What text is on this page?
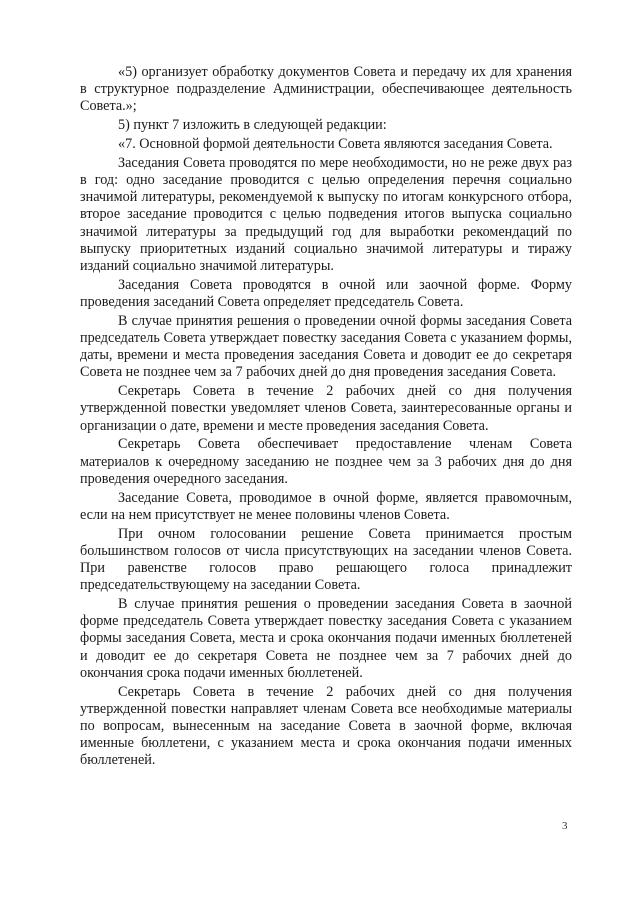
«5) организует обработку документов Совета и передачу их для хранения в структурное подразделение Администрации, обеспечивающее деятельность Совета.»;

5) пункт 7 изложить в следующей редакции:

«7. Основной формой деятельности Совета являются заседания Совета.

Заседания Совета проводятся по мере необходимости, но не реже двух раз в год: одно заседание проводится с целью определения перечня социально значимой литературы, рекомендуемой к выпуску по итогам конкурсного отбора, второе заседание проводится с целью подведения итогов выпуска социально значимой литературы за предыдущий год для выработки рекомендаций по выпуску приоритетных изданий социально значимой литературы и тиражу изданий социально значимой литературы.

Заседания Совета проводятся в очной или заочной форме. Форму проведения заседаний Совета определяет председатель Совета.

В случае принятия решения о проведении очной формы заседания Совета председатель Совета утверждает повестку заседания Совета с указанием формы, даты, времени и места проведения заседания Совета и доводит ее до секретаря Совета не позднее чем за 7 рабочих дней до дня проведения заседания Совета.

Секретарь Совета в течение 2 рабочих дней со дня получения утвержденной повестки уведомляет членов Совета, заинтересованные органы и организации о дате, времени и месте проведения заседания Совета.

Секретарь Совета обеспечивает предоставление членам Совета материалов к очередному заседанию не позднее чем за 3 рабочих дня до дня проведения очередного заседания.

Заседание Совета, проводимое в очной форме, является правомочным, если на нем присутствует не менее половины членов Совета.

При очном голосовании решение Совета принимается простым большинством голосов от числа присутствующих на заседании членов Совета. При равенстве голосов право решающего голоса принадлежит председательствующему на заседании Совета.

В случае принятия решения о проведении заседания Совета в заочной форме председатель Совета утверждает повестку заседания Совета с указанием формы заседания Совета, места и срока окончания подачи именных бюллетеней и доводит ее до секретаря Совета не позднее чем за 7 рабочих дней до окончания срока подачи именных бюллетеней.

Секретарь Совета в течение 2 рабочих дней со дня получения утвержденной повестки направляет членам Совета все необходимые материалы по вопросам, вынесенным на заседание Совета в заочной форме, включая именные бюллетени, с указанием места и срока окончания подачи именных бюллетеней.

3
